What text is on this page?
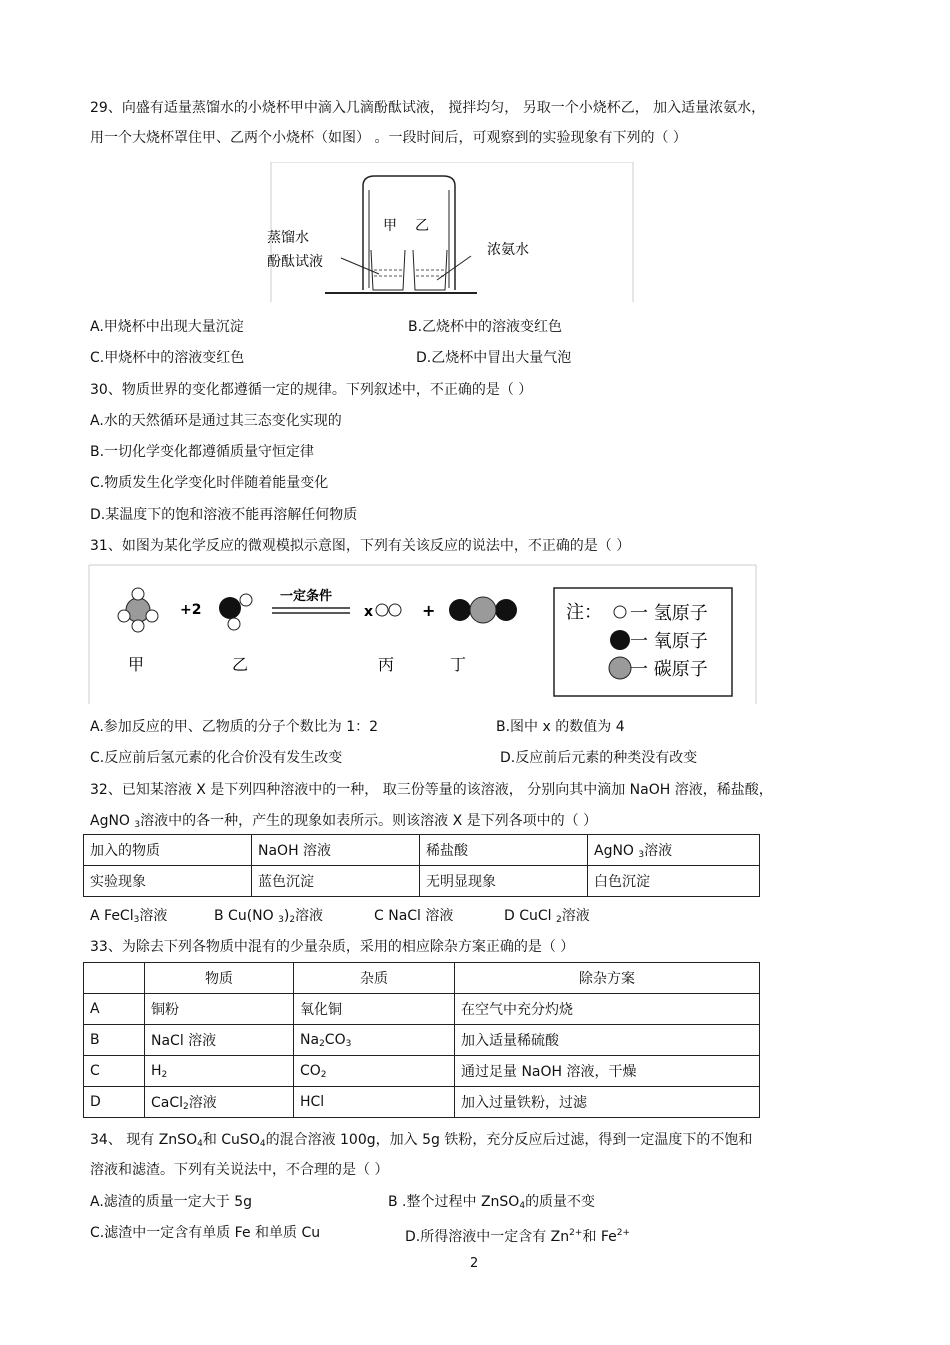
29、向盛有适量蒸馏水的小烧杯甲中滴入几滴酚酞试液， 搅拌均匀， 另取一个小烧杯乙， 加入适量浓氨水，
用一个大烧杯罩住甲、乙两个小烧杯（如图） 。一段时间后，可观察到的实验现象有下列的（ ）
甲 乙
蒸馏水
酚酞试液
浓氨水
A.甲烧杯中出现大量沉淀	B.乙烧杯中的溶液变红色
C.甲烧杯中的溶液变红色	D.乙烧杯中冒出大量气泡
30、物质世界的变化都遵循一定的规律。下列叙述中，不正确的是（ ）
A.水的天然循环是通过其三态变化实现的
B.一切化学变化都遵循质量守恒定律
C.物质发生化学变化时伴随着能量变化
D.某温度下的饱和溶液不能再溶解任何物质
31、如图为某化学反应的微观模拟示意图，下列有关该反应的说法中，不正确的是（ ）
+2
一定条件
x	+
甲	乙	丙	丁
注： 一 氢原子
一 氧原子
一 碳原子
A.参加反应的甲、乙物质的分子个数比为 1：2	B.图中 x 的数值为 4
C.反应前后氢元素的化合价没有发生改变	D.反应前后元素的种类没有改变
32、已知某溶液 X 是下列四种溶液中的一种， 取三份等量的该溶液， 分别向其中滴加 NaOH 溶液，稀盐酸，
AgNO $_3$溶液中的各一种，产生的现象如表所示。则该溶液 X 是下列各项中的（ ）
加入的物质	NaOH 溶液	稀盐酸	AgNO $_3$溶液
实验现象	蓝色沉淀	无明显现象	白色沉淀
A FeCl$_3$溶液	B Cu(NO $_3)_2$溶液	C NaCl 溶液	D CuCl $_2$溶液
33、为除去下列各物质中混有的少量杂质，采用的相应除杂方案正确的是（ ）
	物质	杂质	除杂方案
A	铜粉	氧化铜	在空气中充分灼烧
B	NaCl 溶液	$Na_2CO_3$	加入适量稀硫酸
C	$H_2$	$CO_2$	通过足量 NaOH 溶液，干燥
D	CaCl$_2$溶液	HCl	加入过量铁粉，过滤
34、 现有 ZnSO$_4$和 CuSO$_4$的混合溶液 100g，加入 5g 铁粉，充分反应后过滤，得到一定温度下的不饱和
溶液和滤渣。下列有关说法中，不合理的是（ ）
A.滤渣的质量一定大于 5g	B .整个过程中 ZnSO$_4$的质量不变
C.滤渣中一定含有单质 Fe 和单质 Cu	D.所得溶液中一定含有 $Zn^{2+}$和 $Fe^{2+}$
2
